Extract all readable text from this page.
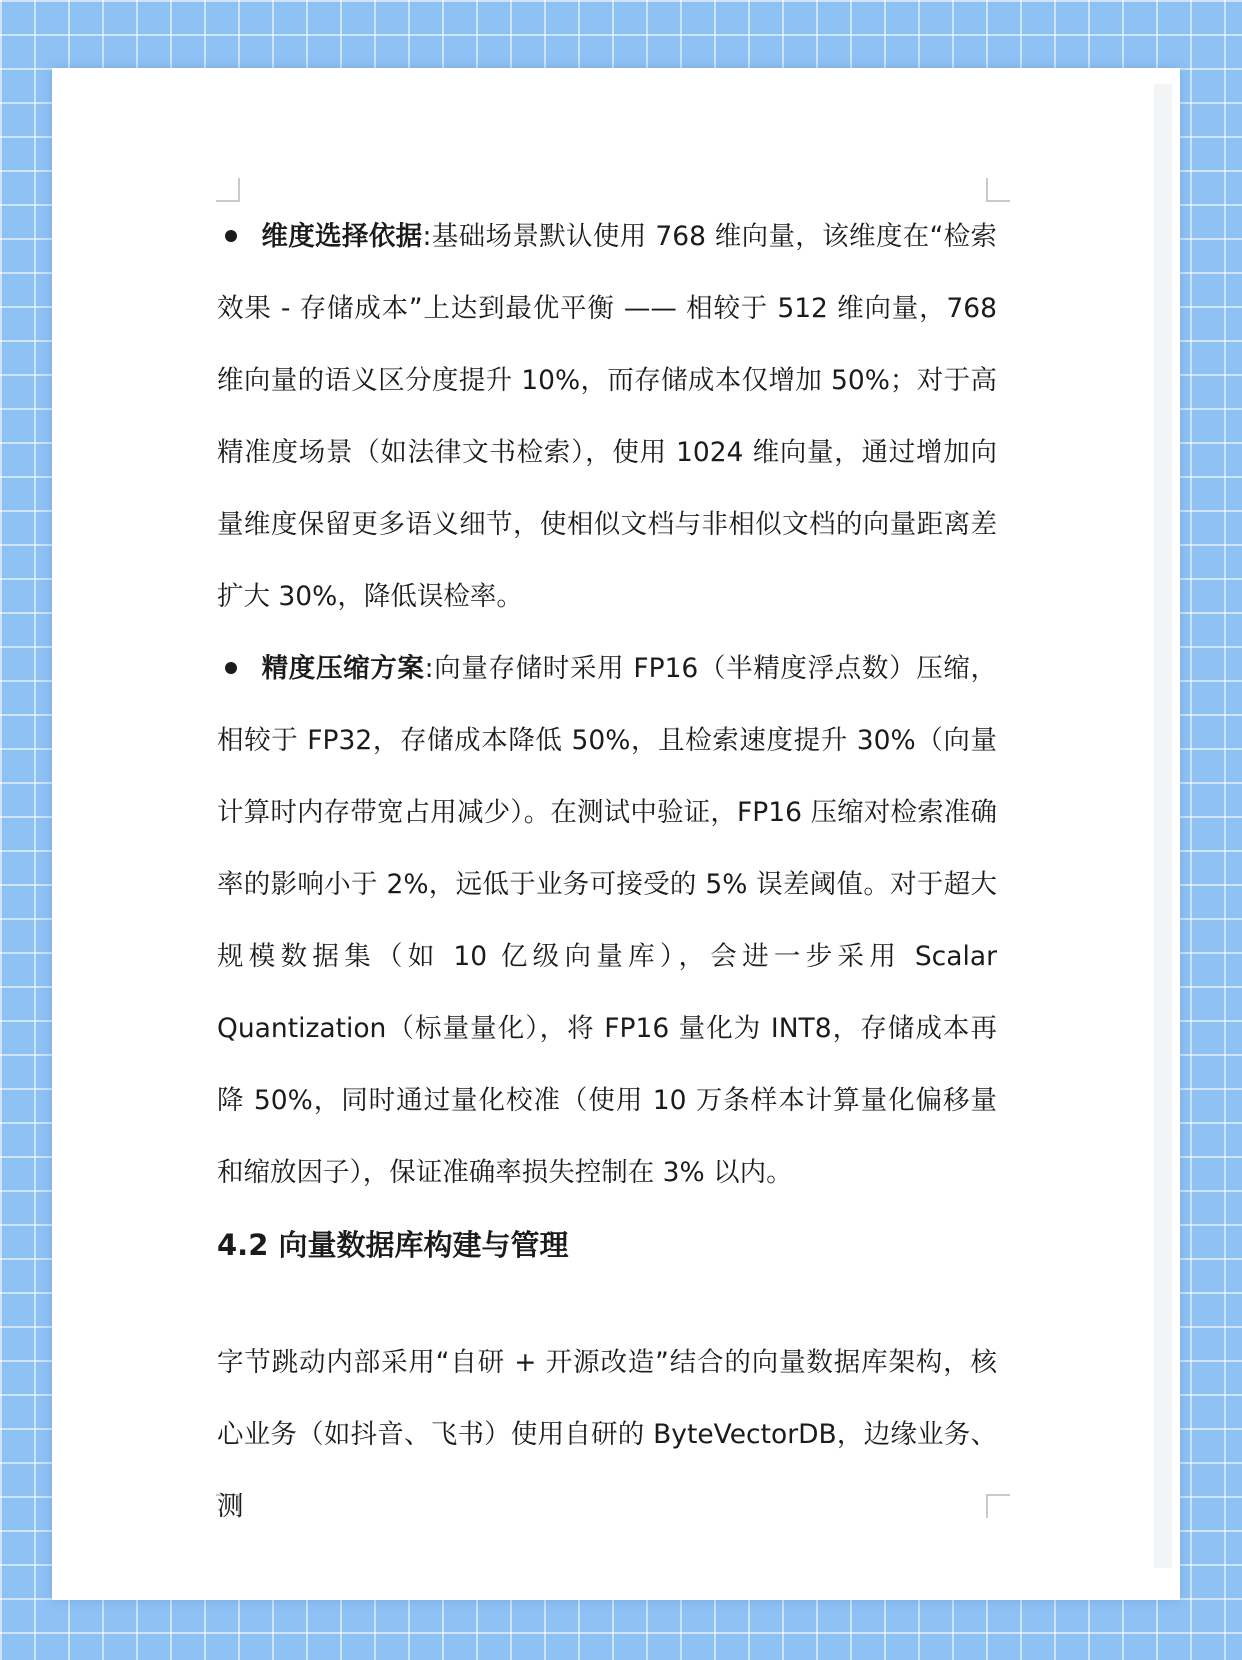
维度选择依据:基础场景默认使用 768 维向量，该维度在“检索效果 - 存储成本”上达到最优平衡 —— 相较于 512 维向量，768 维向量的语义区分度提升 10%，而存储成本仅增加 50%；对于高精准度场景（如法律文书检索），使用 1024 维向量，通过增加向量维度保留更多语义细节，使相似文档与非相似文档的向量距离差扩大 30%，降低误检率。
精度压缩方案:向量存储时采用 FP16（半精度浮点数）压缩，相较于 FP32，存储成本降低 50%，且检索速度提升 30%（向量计算时内存带宽占用减少）。在测试中验证，FP16 压缩对检索准确率的影响小于 2%，远低于业务可接受的 5% 误差阈值。对于超大规模数据集（如 10 亿级向量库），会进一步采用 Scalar Quantization（标量量化），将 FP16 量化为 INT8，存储成本再降 50%，同时通过量化校准（使用 10 万条样本计算量化偏移量和缩放因子），保证准确率损失控制在 3% 以内。
4.2 向量数据库构建与管理
字节跳动内部采用“自研 + 开源改造”结合的向量数据库架构，核心业务（如抖音、飞书）使用自研的 ByteVectorDB，边缘业务、测
